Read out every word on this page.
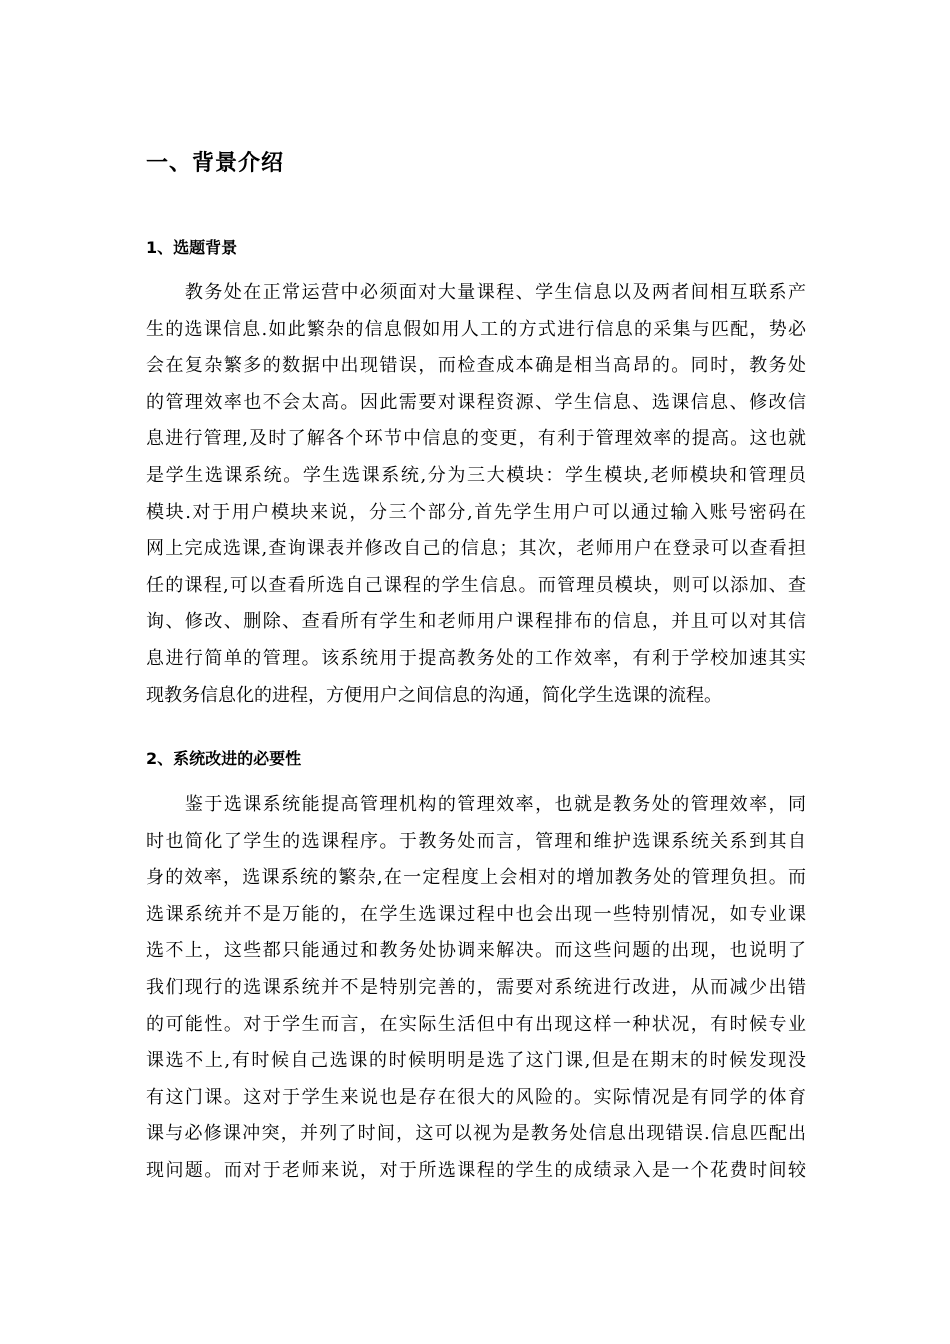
一、背景介绍
1、选题背景
　　教务处在正常运营中必须面对大量课程、学生信息以及两者间相互联系产
生的选课信息.如此繁杂的信息假如用人工的方式进行信息的采集与匹配，势必
会在复杂繁多的数据中出现错误，而检查成本确是相当高昂的。同时，教务处
的管理效率也不会太高。因此需要对课程资源、学生信息、选课信息、修改信
息进行管理,及时了解各个环节中信息的变更，有利于管理效率的提高。这也就
是学生选课系统。学生选课系统,分为三大模块：学生模块,老师模块和管理员
模块.对于用户模块来说，分三个部分,首先学生用户可以通过输入账号密码在
网上完成选课,查询课表并修改自己的信息；其次，老师用户在登录可以查看担
任的课程,可以查看所选自己课程的学生信息。而管理员模块，则可以添加、查
询、修改、删除、查看所有学生和老师用户课程排布的信息，并且可以对其信
息进行简单的管理。该系统用于提高教务处的工作效率，有利于学校加速其实
现教务信息化的进程，方便用户之间信息的沟通，简化学生选课的流程。
2、系统改进的必要性
　　鉴于选课系统能提高管理机构的管理效率，也就是教务处的管理效率，同
时也简化了学生的选课程序。于教务处而言，管理和维护选课系统关系到其自
身的效率，选课系统的繁杂,在一定程度上会相对的增加教务处的管理负担。而
选课系统并不是万能的，在学生选课过程中也会出现一些特别情况，如专业课
选不上，这些都只能通过和教务处协调来解决。而这些问题的出现，也说明了
我们现行的选课系统并不是特别完善的，需要对系统进行改进，从而减少出错
的可能性。对于学生而言，在实际生活但中有出现这样一种状况，有时候专业
课选不上,有时候自己选课的时候明明是选了这门课,但是在期末的时候发现没
有这门课。这对于学生来说也是存在很大的风险的。实际情况是有同学的体育
课与必修课冲突，并列了时间，这可以视为是教务处信息出现错误.信息匹配出
现问题。而对于老师来说，对于所选课程的学生的成绩录入是一个花费时间较
